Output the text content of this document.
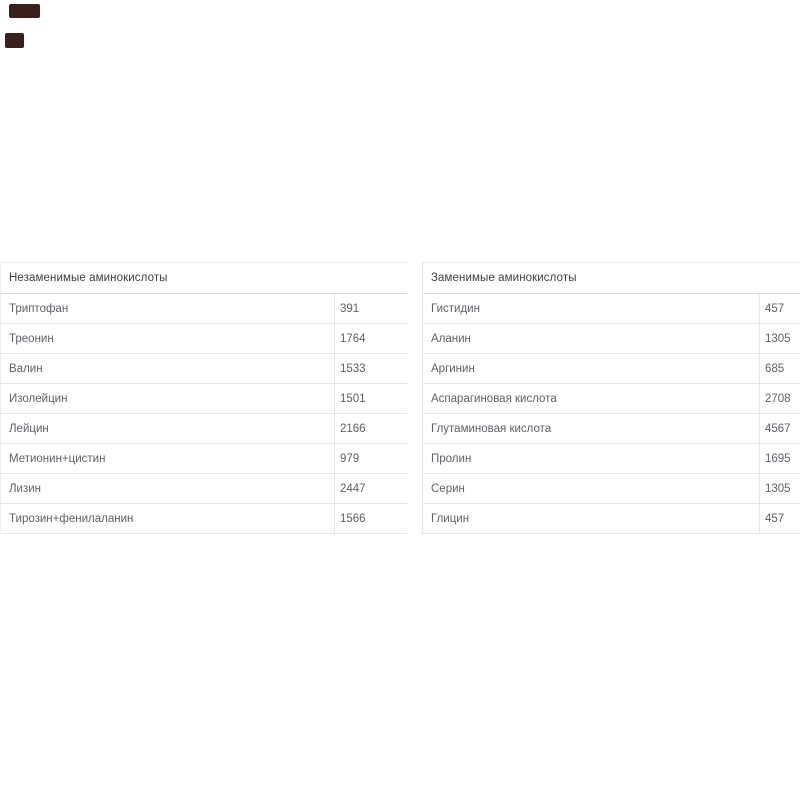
Незаменимые аминокислоты
Триптофан	391
Треонин	1764
Валин	1533
Изолейцин	1501
Лейцин	2166
Метионин+цистин	979
Лизин	2447
Тирозин+фенилаланин	1566
Заменимые аминокислоты
Гистидин	457
Аланин	1305
Аргинин	685
Аспарагиновая кислота	2708
Глутаминовая кислота	4567
Пролин	1695
Серин	1305
Глицин	457
